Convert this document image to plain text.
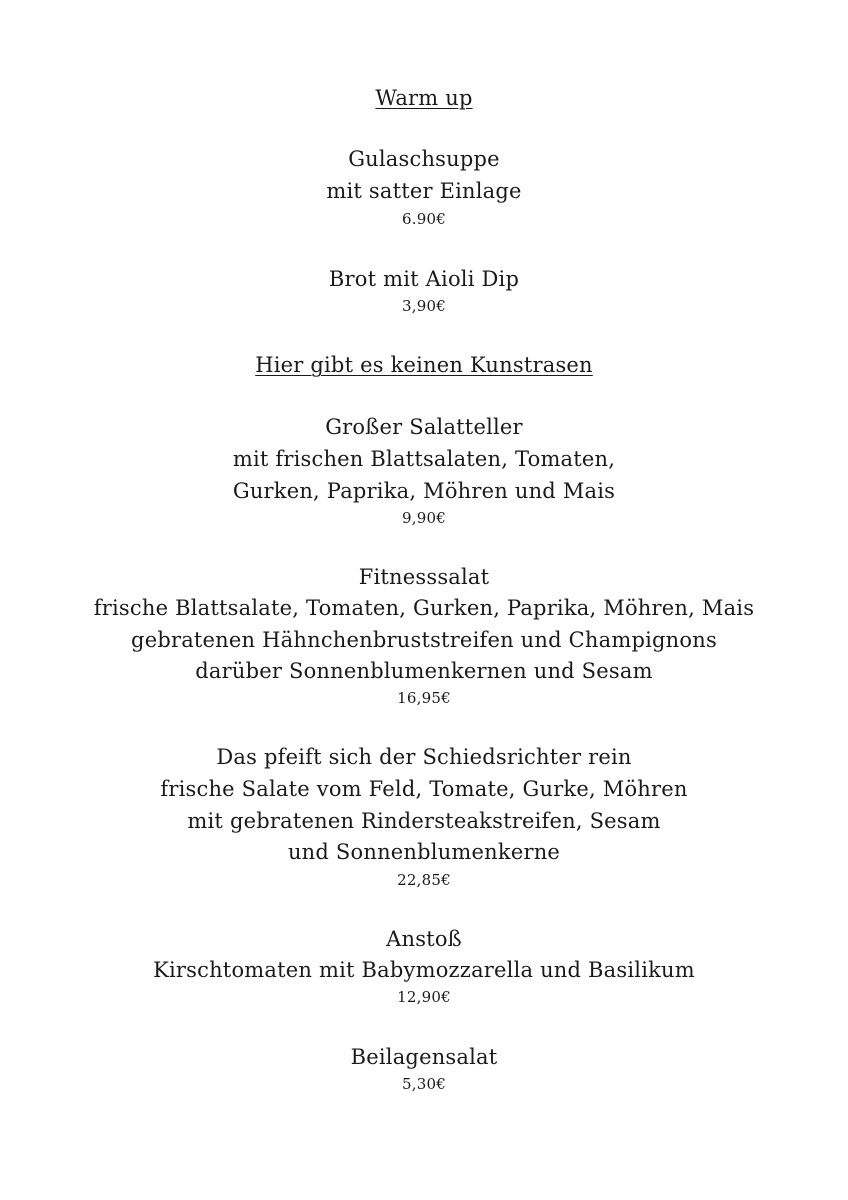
Warm up
Gulaschsuppe
mit satter Einlage
6.90€
Brot mit Aioli Dip
3,90€
Hier gibt es keinen Kunstrasen
Großer Salatteller
mit frischen Blattsalaten, Tomaten,
Gurken, Paprika, Möhren und Mais
9,90€
Fitnesssalat
frische Blattsalate, Tomaten, Gurken, Paprika, Möhren, Mais
gebratenen Hähnchenbruststreifen und Champignons
darüber Sonnenblumenkernen und Sesam
16,95€
Das pfeift sich der Schiedsrichter rein
frische Salate vom Feld, Tomate, Gurke, Möhren
mit gebratenen Rindersteakstreifen, Sesam
und Sonnenblumenkerne
22,85€
Anstoß
Kirschtomaten mit Babymozzarella und Basilikum
12,90€
Beilagensalat
5,30€
